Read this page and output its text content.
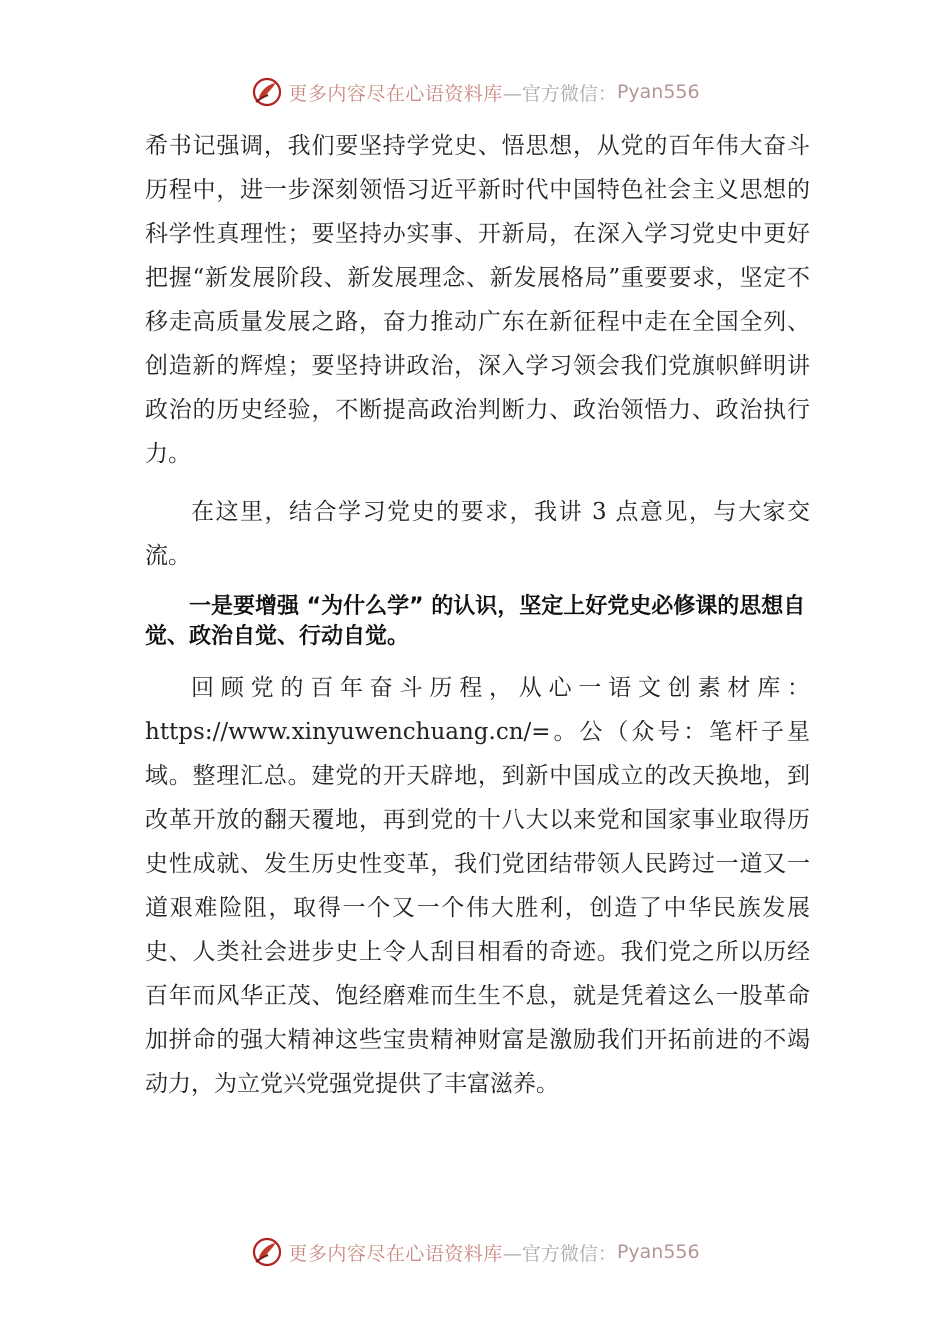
更多内容尽在心语资料库 —官方微信： Pyan556

希书记强调，我们要坚持学党史、悟思想，从党的百年伟大奋斗历程中，进一步深刻领悟习近平新时代中国特色社会主义思想的科学性真理性；要坚持办实事、开新局，在深入学习党史中更好把握“新发展阶段、新发展理念、新发展格局”重要要求，坚定不移走高质量发展之路，奋力推动广东在新征程中走在全国全列、创造新的辉煌；要坚持讲政治，深入学习领会我们党旗帜鲜明讲政治的历史经验，不断提高政治判断力、政治领悟力、政治执行力。

在这里，结合学习党史的要求，我讲 3 点意见，与大家交流。

一是要增强 “为什么学” 的认识，坚定上好党史必修课的思想自觉、政治自觉、行动自觉。

回顾党的百年奋斗历程，从心一语文创素材库：https://www.xinyuwenchuang.cn/=。公（众号：笔杆子星域。整理汇总。建党的开天辟地，到新中国成立的改天换地，到改革开放的翻天覆地，再到党的十八大以来党和国家事业取得历史性成就、发生历史性变革，我们党团结带领人民跨过一道又一道艰难险阻，取得一个又一个伟大胜利，创造了中华民族发展史、人类社会进步史上令人刮目相看的奇迹。我们党之所以历经百年而风华正茂、饱经磨难而生生不息，就是凭着这么一股革命加拼命的强大精神这些宝贵精神财富是激励我们开拓前进的不竭动力，为立党兴党强党提供了丰富滋养。

更多内容尽在心语资料库 —官方微信： Pyan556
